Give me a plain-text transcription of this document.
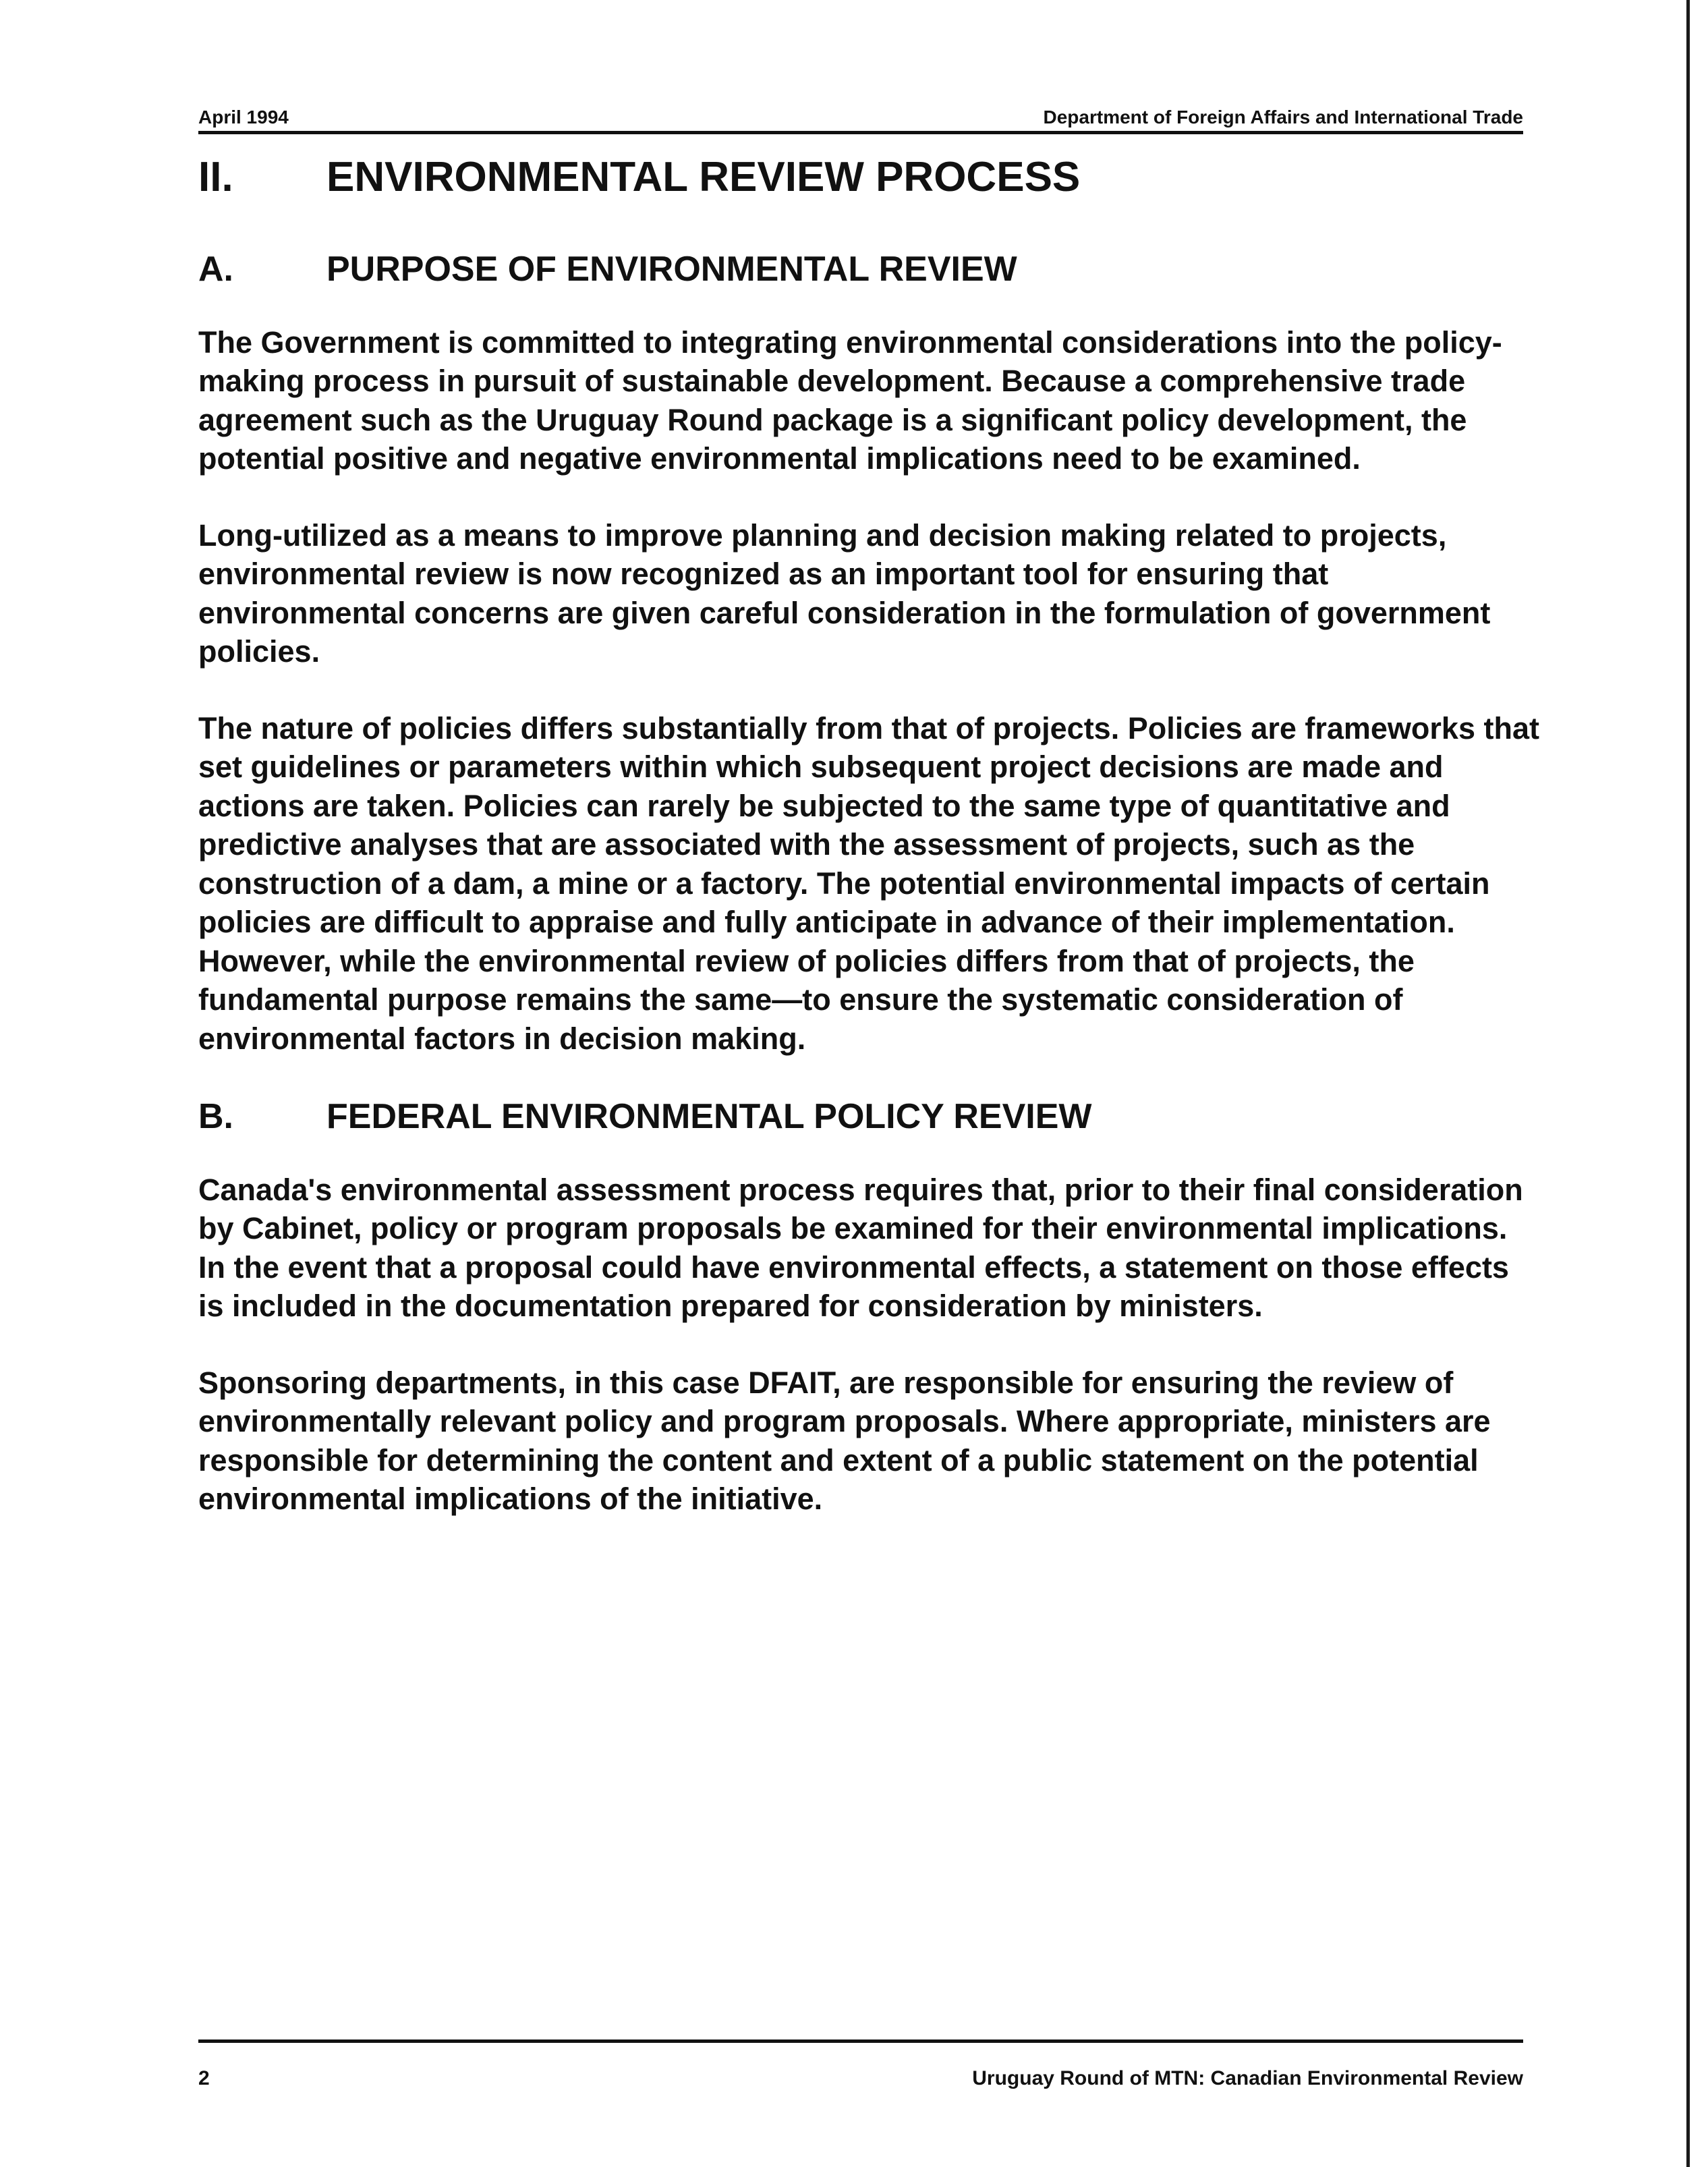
April 1994	Department of Foreign Affairs and International Trade
II.	ENVIRONMENTAL REVIEW PROCESS
A.	PURPOSE OF ENVIRONMENTAL REVIEW

The Government is committed to integrating environmental considerations into the policy-making process in pursuit of sustainable development. Because a comprehensive trade agreement such as the Uruguay Round package is a significant policy development, the potential positive and negative environmental implications need to be examined.

Long-utilized as a means to improve planning and decision making related to projects, environmental review is now recognized as an important tool for ensuring that environmental concerns are given careful consideration in the formulation of government policies.

The nature of policies differs substantially from that of projects. Policies are frameworks that set guidelines or parameters within which subsequent project decisions are made and actions are taken. Policies can rarely be subjected to the same type of quantitative and predictive analyses that are associated with the assessment of projects, such as the construction of a dam, a mine or a factory. The potential environmental impacts of certain policies are difficult to appraise and fully anticipate in advance of their implementation. However, while the environmental review of policies differs from that of projects, the fundamental purpose remains the same—to ensure the systematic consideration of environmental factors in decision making.

B.	FEDERAL ENVIRONMENTAL POLICY REVIEW

Canada's environmental assessment process requires that, prior to their final consideration by Cabinet, policy or program proposals be examined for their environmental implications. In the event that a proposal could have environmental effects, a statement on those effects is included in the documentation prepared for consideration by ministers.

Sponsoring departments, in this case DFAIT, are responsible for ensuring the review of environmentally relevant policy and program proposals. Where appropriate, ministers are responsible for determining the content and extent of a public statement on the potential environmental implications of the initiative.

2	Uruguay Round of MTN: Canadian Environmental Review
